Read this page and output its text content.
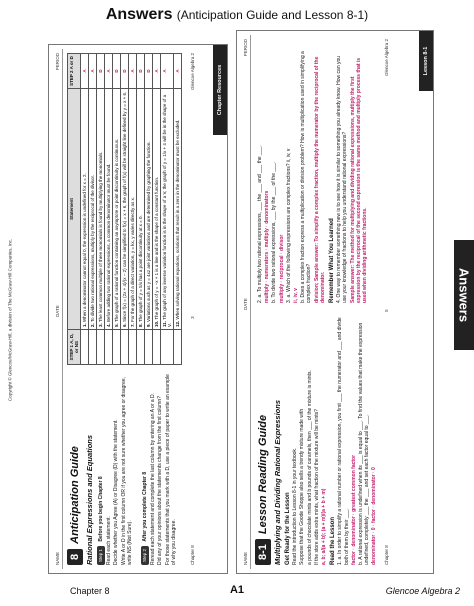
Answers (Anticipation Guide and Lesson 8-1)
Copyright © Glencoe/McGraw-Hill, a division of The McGraw-Hill Companies, Inc.
NAME
DATE
PERIOD
8
Anticipation Guide Rational Expressions and Equations Step 1 Before you begin Chapter 8 Read each statement. Decide whether you Agree (A) or Disagree (D) with the statement. Write A or D in the first column OR if you are not sure whether you agree or disagree, write NS (Not Sure). Step 2 After you complete Chapter 8 Reread each statement and complete the last column by entering an A or a D. Did any of your opinions about the statements change from the first column? For those statements that you mark with a D, use a piece of paper to write an example of why you disagree.

STEP 1 A, D, or NS	Statement	STEP 2 A or D
	1. When a denominator cannot equal 0, the expression is undefined for x = 2.	A
	2. To divide two rational expressions, multiply by the reciprocal of the divisor.	A
	3. The least common multiple of three monomials is found by multiplying the monomials.	D
	4. Before adding two rational expressions, a common denominator must be found.	A
	5. The graph of a rational function containing an asymptote or point discontinuity is continuous.	D
	6. Since f(x) = (2x + 4)/(x − 2) can be simplified to f(x) = x + 6, the graph of f(x) will be straight line defined by y = x + 6.	D
	7. For the graph of a direct variation, y = kx, y varies directly as x.	A
	8. The graph of y = 5/x has a point discontinuity at x = 0.	D
	9. Variations such as y = 4xz are joint variations and are determined by graphing the function.	D
	10. The graph of y = −x + 1 is a line and is the shape of a constant function.	A
	11. The graph of any inverse variation function is in the shape of a V, the graph of y = 1/x + 4 will be in the shape of a V.	A
	12. When solving rational equations, solutions that result in a zero in the denominator must be excluded.	A
Chapter 8
3
Glencoe Algebra 2	Chapter Resources
NAME
DATE
PERIOD
8-1
Lesson Reading Guide Multiplying and Dividing Rational Expressions Get Ready for the Lesson Read the introduction to Lesson 8-1 in your textbook. Suppose that the Goode Shoppe also sells a trendy mixture made with a pounds of chocolate mints and b pounds of caramels, then ___ of the mixture is mints. If the store adds extra mints, what fraction of the mixture will be mints? a, b; a/(a + b); (a + m)/(a + b + m)

Read the Lesson 1. a. In order to simplify a rational number or rational expression, you first ___ the numerator and ___ and divide both of them by their ___. factor · denominator · greatest common factor b. A rational expression is undefined when its ___ is equal to ___. To find the values that make the expression undefined, completely ___ the ___ and set each factor equal to ___. denominator · 0 · factor · denominator · 0

2. a. To multiply two rational expressions, ___ the ___ and ___ the ___. multiply · numerators · multiply · denominators b. To divide two rational expressions, ___ by the ___ of the ___. multiply · reciprocal · divisor 3. a. Which of the following expressions are complex fractions? ii, iv, v ii, iv, v b. Does a complex fraction express a multiplication or division problem? How is multiplication used in simplifying a complex fraction? division; Sample answer: To simplify a complex fraction, multiply the numerator by the reciprocal of the denominator. Remember What You Learned 4. One way to remember something new is to see how it is similar to something you already know. How can you use your knowledge of fractions to help you understand rational expressions? Sample answer: The method for multiplying and dividing rational expressions, multiply the first expression by the reciprocal of the second expression is the same method and multiply process that is used when dividing arithmetic fractions.

Chapter 8
5
Glencoe Algebra 2	Lesson 8-1
Answers
Chapter 8	A1	Glencoe Algebra 2
